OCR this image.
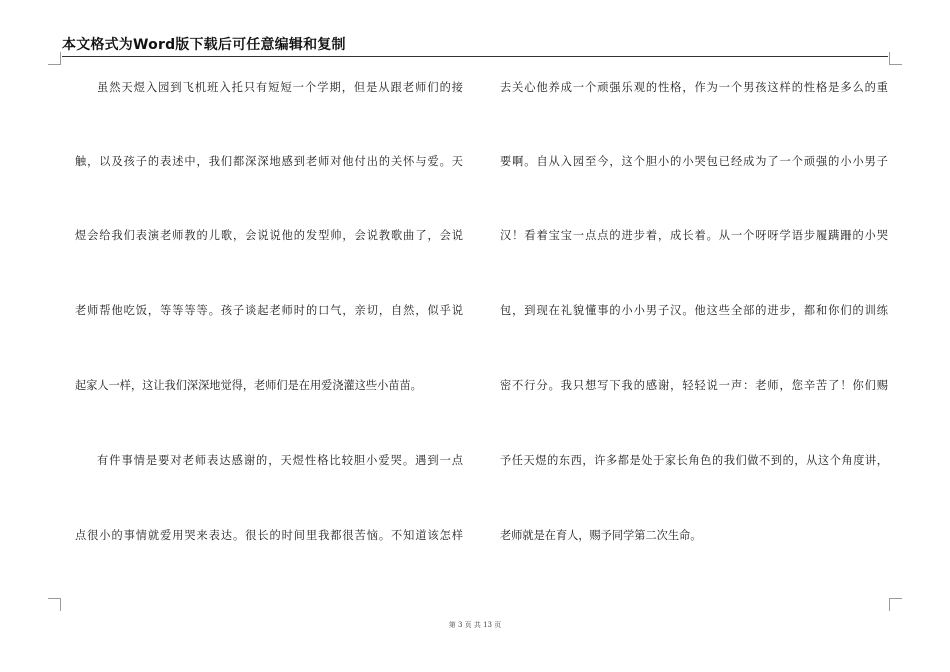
本文格式为Word版下载后可任意编辑和复制
虽然天煜入园到飞机班入托只有短短一个学期，但是从跟老师们的接
触，以及孩子的表述中，我们都深深地感到老师对他付出的关怀与爱。天
煜会给我们表演老师教的儿歌，会说说他的发型帅，会说教歌曲了，会说
老师帮他吃饭，等等等等。孩子谈起老师时的口气，亲切，自然，似乎说
起家人一样，这让我们深深地觉得，老师们是在用爱浇灌这些小苗苗。
有件事情是要对老师表达感谢的，天煜性格比较胆小爱哭。遇到一点
点很小的事情就爱用哭来表达。很长的时间里我都很苦恼。不知道该怎样
去关心他养成一个顽强乐观的性格，作为一个男孩这样的性格是多么的重
要啊。自从入园至今，这个胆小的小哭包已经成为了一个顽强的小小男子
汉！看着宝宝一点点的进步着，成长着。从一个呀呀学语步履蹒跚的小哭
包，到现在礼貌懂事的小小男子汉。他这些全部的进步，都和你们的训练
密不行分。我只想写下我的感谢，轻轻说一声：老师，您辛苦了！你们赐
予任天煜的东西，许多都是处于家长角色的我们做不到的，从这个角度讲，
老师就是在育人，赐予同学第二次生命。
第 3 页 共 13 页
